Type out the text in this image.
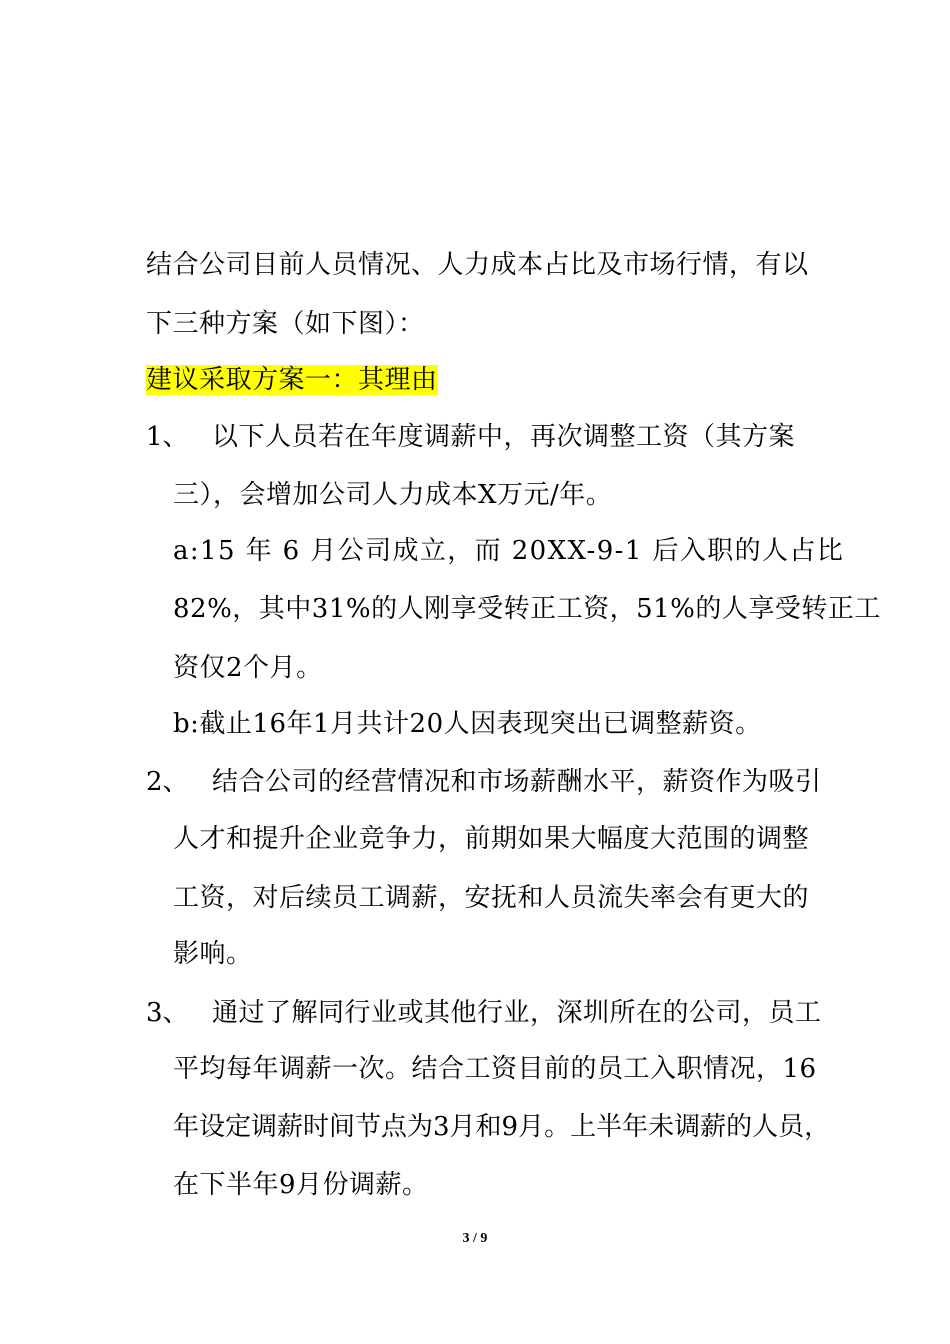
结合公司目前人员情况、人力成本占比及市场行情，有以
下三种方案（如下图）：
建议采取方案一：其理由
1、 以下人员若在年度调薪中，再次调整工资（其方案
三），会增加公司人力成本X万元/年。
a:15 年 6 月公司成立，而 20XX-9-1 后入职的人占比
82%，其中31%的人刚享受转正工资，51%的人享受转正工
资仅2个月。
b:截止16年1月共计20人因表现突出已调整薪资。
2、 结合公司的经营情况和市场薪酬水平，薪资作为吸引
人才和提升企业竞争力，前期如果大幅度大范围的调整
工资，对后续员工调薪，安抚和人员流失率会有更大的
影响。
3、 通过了解同行业或其他行业，深圳所在的公司，员工
平均每年调薪一次。结合工资目前的员工入职情况，16
年设定调薪时间节点为3月和9月。上半年未调薪的人员，
在下半年9月份调薪。
3 / 9
